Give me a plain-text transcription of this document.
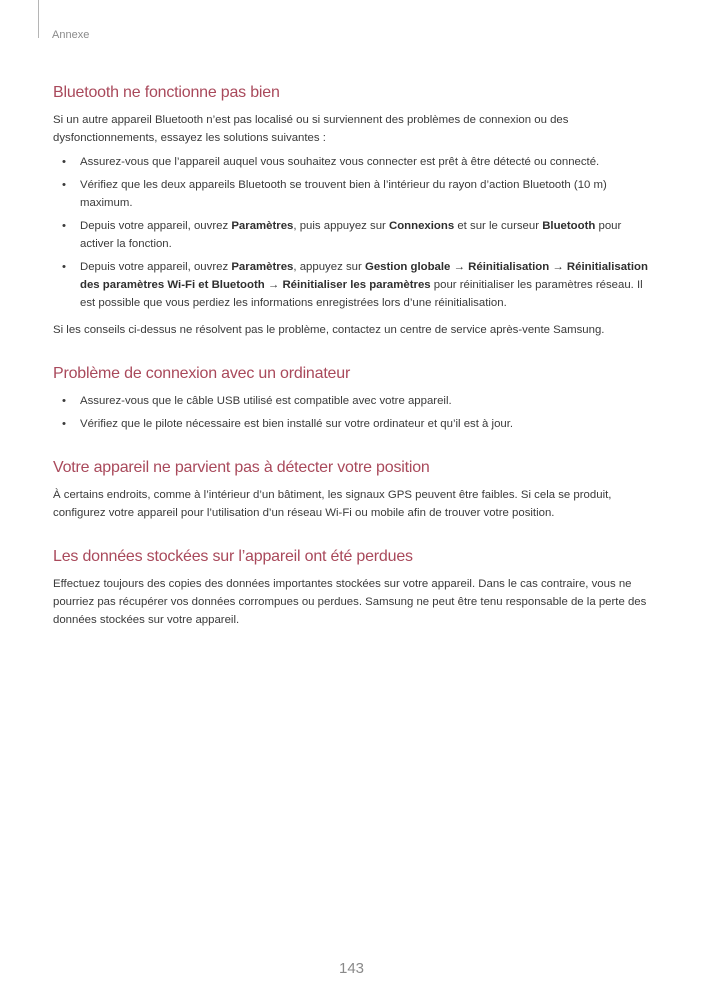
Annexe
Bluetooth ne fonctionne pas bien

Si un autre appareil Bluetooth n’est pas localisé ou si surviennent des problèmes de connexion ou des dysfonctionnements, essayez les solutions suivantes :

• Assurez-vous que l’appareil auquel vous souhaitez vous connecter est prêt à être détecté ou connecté.
• Vérifiez que les deux appareils Bluetooth se trouvent bien à l’intérieur du rayon d’action Bluetooth (10 m) maximum.
• Depuis votre appareil, ouvrez Paramètres, puis appuyez sur Connexions et sur le curseur Bluetooth pour activer la fonction.
• Depuis votre appareil, ouvrez Paramètres, appuyez sur Gestion globale → Réinitialisation → Réinitialisation des paramètres Wi-Fi et Bluetooth → Réinitialiser les paramètres pour réinitialiser les paramètres réseau. Il est possible que vous perdiez les informations enregistrées lors d’une réinitialisation.

Si les conseils ci-dessus ne résolvent pas le problème, contactez un centre de service après-vente Samsung.

Problème de connexion avec un ordinateur
• Assurez-vous que le câble USB utilisé est compatible avec votre appareil.
• Vérifiez que le pilote nécessaire est bien installé sur votre ordinateur et qu’il est à jour.
Votre appareil ne parvient pas à détecter votre position

À certains endroits, comme à l’intérieur d’un bâtiment, les signaux GPS peuvent être faibles. Si cela se produit, configurez votre appareil pour l’utilisation d’un réseau Wi-Fi ou mobile afin de trouver votre position.

Les données stockées sur l’appareil ont été perdues

Effectuez toujours des copies des données importantes stockées sur votre appareil. Dans le cas contraire, vous ne pourriez pas récupérer vos données corrompues ou perdues. Samsung ne peut être tenu responsable de la perte des données stockées sur votre appareil.

143
